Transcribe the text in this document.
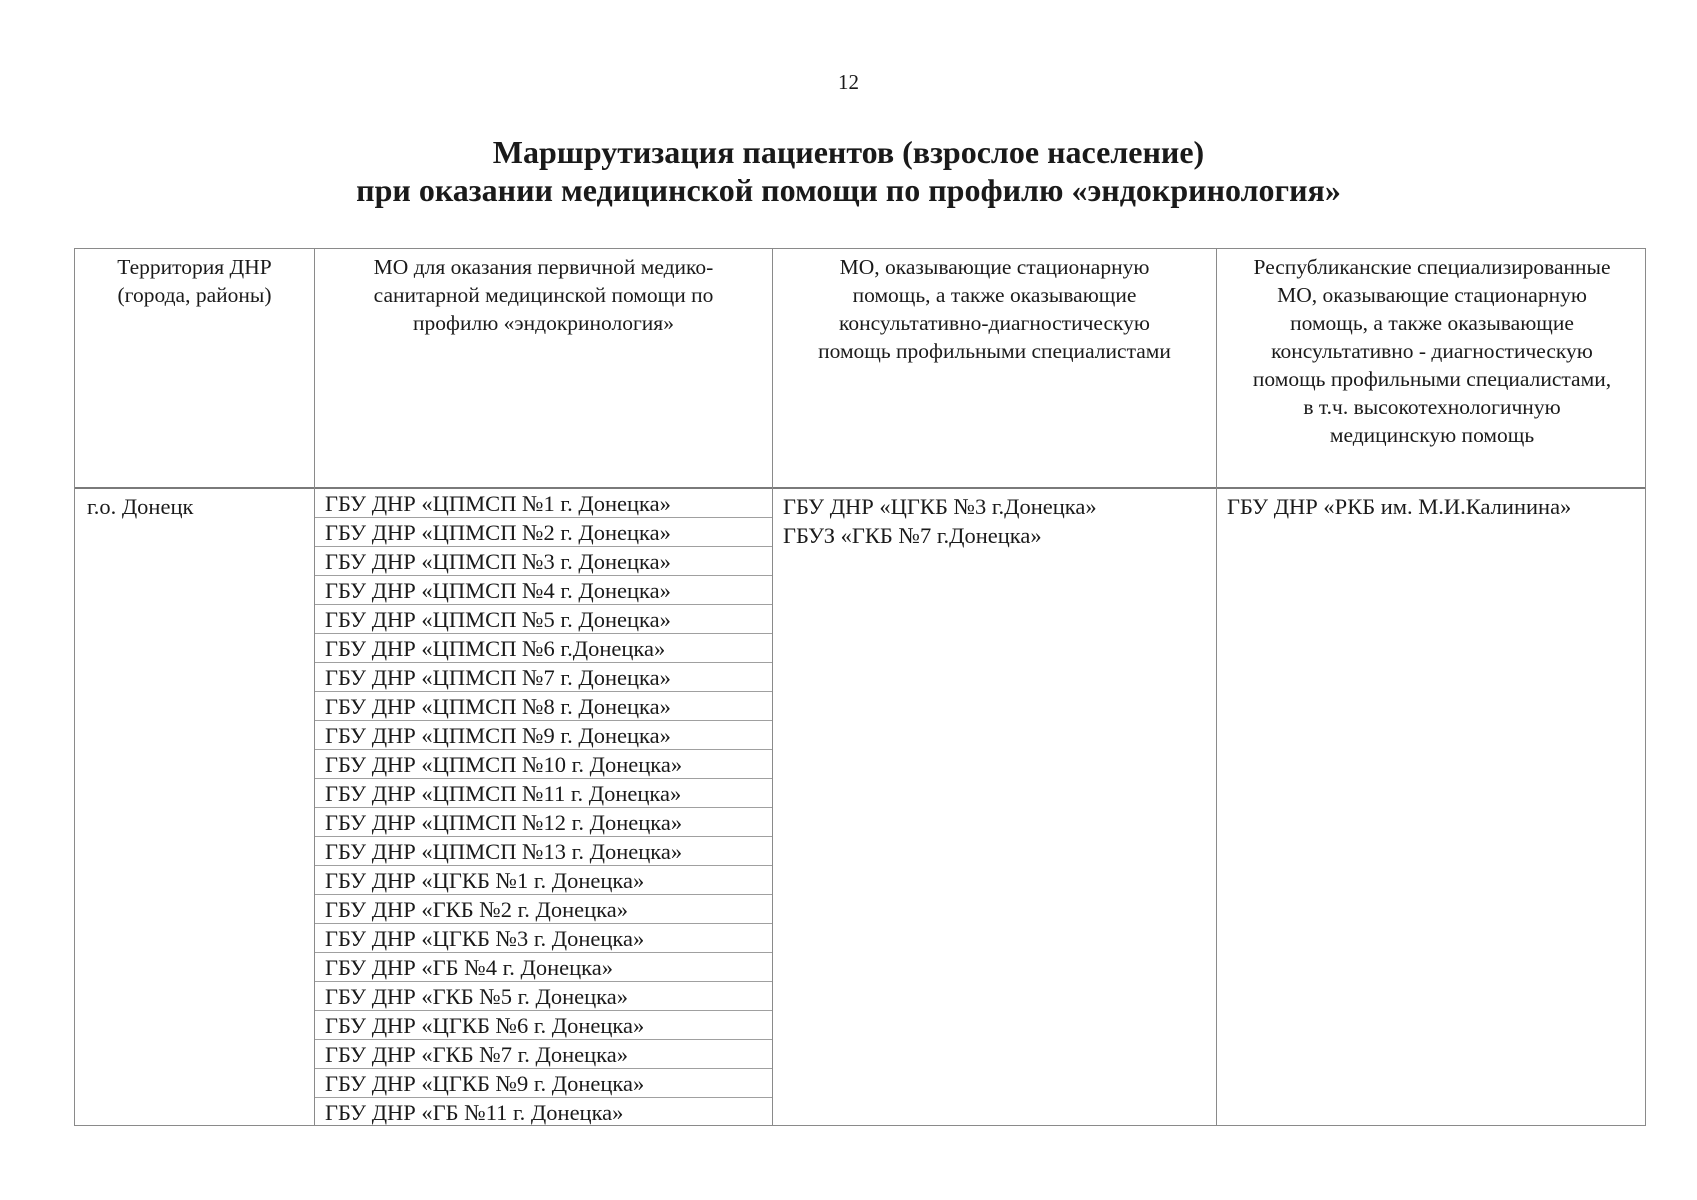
12
Маршрутизация пациентов (взрослое население)
при оказании медицинской помощи по профилю «эндокринология»
Территория ДНР
(города, районы)
г.о. Донецк
МО для оказания первичной медико-
санитарной медицинской помощи по
профилю «эндокринология»
ГБУ ДНР «ЦПМСП №1 г. Донецка»
ГБУ ДНР «ЦПМСП №2 г. Донецка»
ГБУ ДНР «ЦПМСП №3 г. Донецка»
ГБУ ДНР «ЦПМСП №4 г. Донецка»
ГБУ ДНР «ЦПМСП №5 г. Донецка»
ГБУ ДНР «ЦПМСП №6 г.Донецка»
ГБУ ДНР «ЦПМСП №7 г. Донецка»
ГБУ ДНР «ЦПМСП №8 г. Донецка»
ГБУ ДНР «ЦПМСП №9 г. Донецка»
ГБУ ДНР «ЦПМСП №10 г. Донецка»
ГБУ ДНР «ЦПМСП №11 г. Донецка»
ГБУ ДНР «ЦПМСП №12 г. Донецка»
ГБУ ДНР «ЦПМСП №13 г. Донецка»
ГБУ ДНР «ЦГКБ №1 г. Донецка»
ГБУ ДНР «ГКБ №2 г. Донецка»
ГБУ ДНР «ЦГКБ №3 г. Донецка»
ГБУ ДНР «ГБ №4 г. Донецка»
ГБУ ДНР «ГКБ №5 г. Донецка»
ГБУ ДНР «ЦГКБ №6 г. Донецка»
ГБУ ДНР «ГКБ №7 г. Донецка»
ГБУ ДНР «ЦГКБ №9 г. Донецка»
ГБУ ДНР «ГБ №11 г. Донецка»
МО, оказывающие стационарную
помощь, а также оказывающие
консультативно-диагностическую
помощь профильными специалистами
ГБУ ДНР «ЦГКБ №3 г.Донецка»
ГБУЗ «ГКБ №7 г.Донецка»
Республиканские специализированные
МО, оказывающие стационарную
помощь, а также оказывающие
консультативно - диагностическую
помощь профильными специалистами,
в т.ч. высокотехнологичную
медицинскую помощь
ГБУ ДНР «РКБ им. М.И.Калинина»
